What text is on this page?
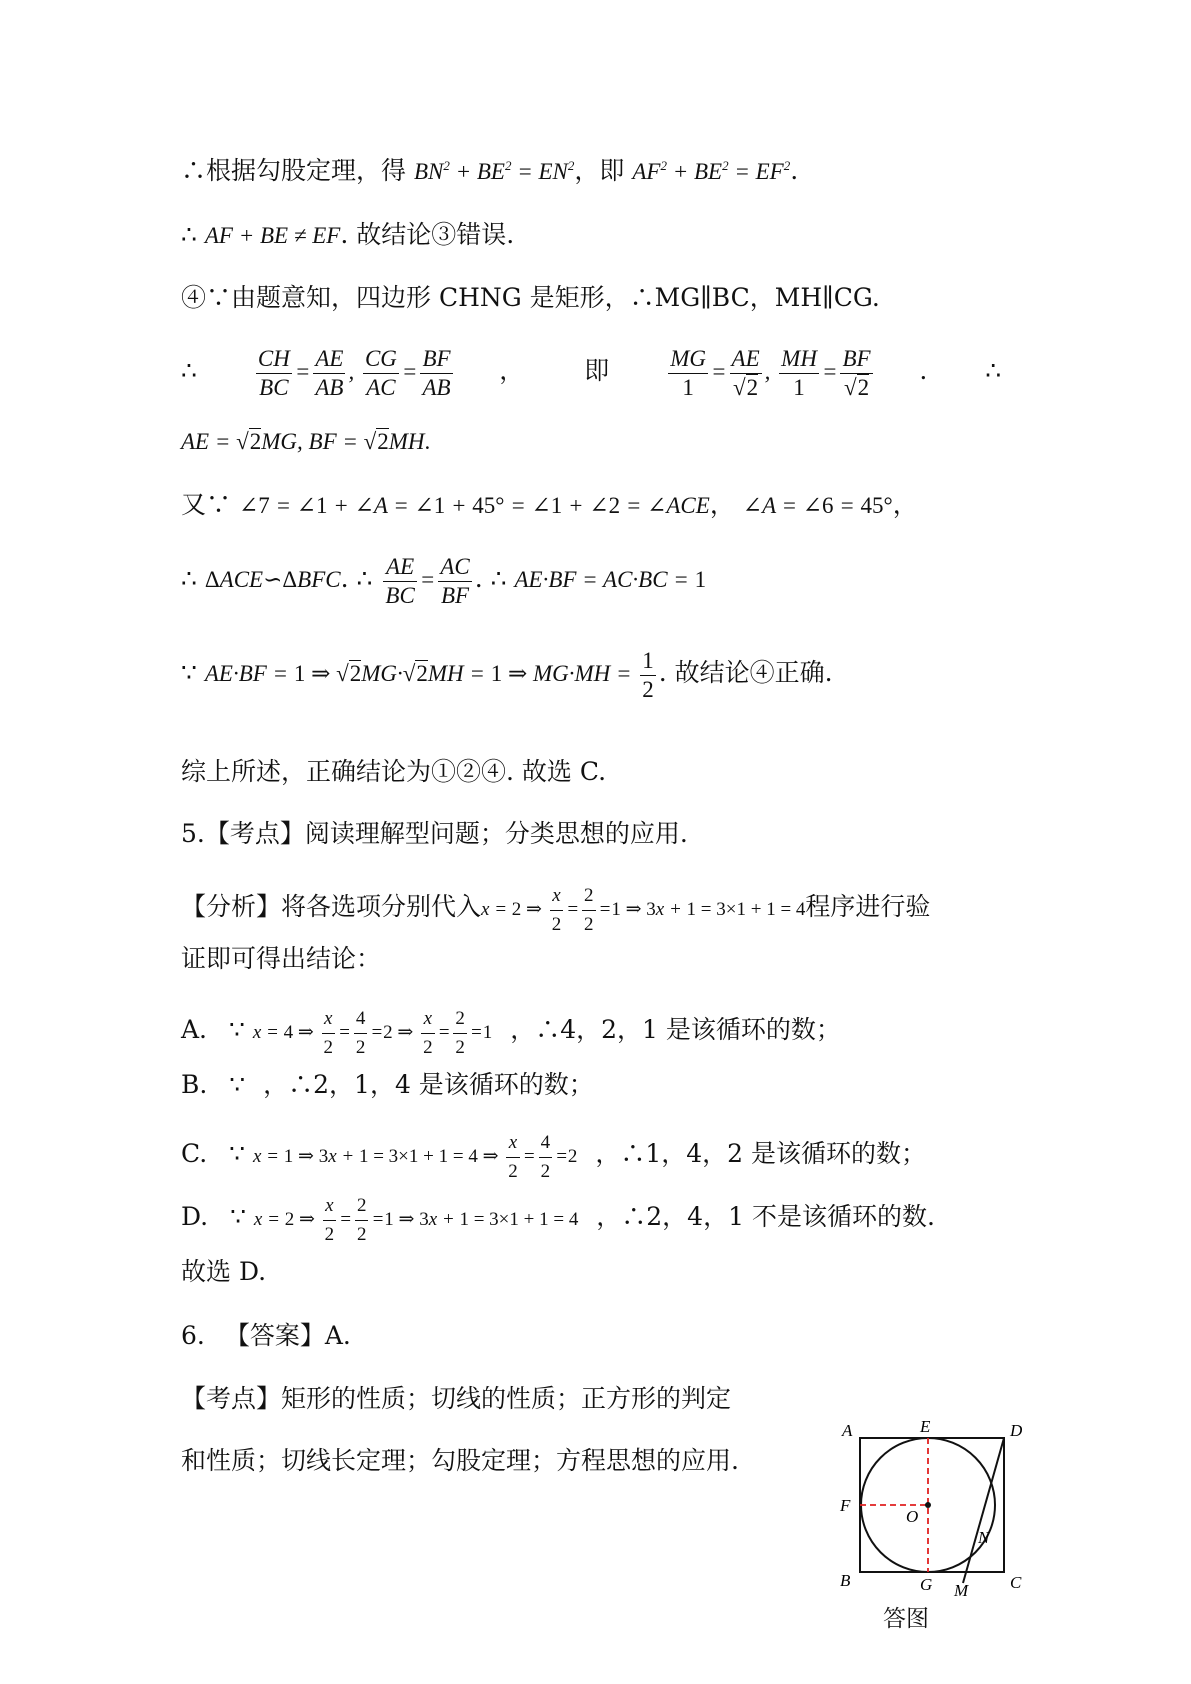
∴根据勾股定理，得 $BN^2 + BE^2 = EN^2$，即 $AF^2 + BE^2 = EF^2$.
∴ AF + BE ≠ EF. 故结论③错误.
④∵由题意知，四边形 CHNG 是矩形，∴MG∥BC，MH∥CG.
∴	$\frac{CH}{BC} = \frac{AE}{AB}$ , $\frac{CG}{AC} = \frac{BF}{AB}$ ， 即	$\frac{MG}{1} = \frac{AE}{√2}$ , $\frac{MH}{1} = \frac{BF}{√2}$ . ∴
AE = √2MG, BF = √2MH.
又∵ ∠7 = ∠1 + ∠A = ∠1 + 45° = ∠1 + ∠2 = ∠ACE， ∠A = ∠6 = 45°，
∴ ΔACE∽ΔBFC. ∴ $\frac{AE}{BC} = \frac{AC}{BF}$ . ∴ AE·BF = AC·BC = 1
∵ AE·BF = 1 ⇒ √2MG·√2MH = 1 ⇒ $MG\cdot MH = \frac{1}{2}$ . 故结论④正确.
综上所述，正确结论为①②④. 故选 C.
5.【考点】阅读理解型问题；分类思想的应用.
【分析】将各选项分别代入x = 2 ⇒ $\frac{x}{2} = \frac{2}{2} =1$ ⇒ 3x + 1 = 3×1 + 1 = 4程序进行验
证即可得出结论：
A. ∵ x = 4 ⇒ $\frac{x}{2} = \frac{4}{2} =2$ ⇒ $\frac{x}{2} = \frac{2}{2} =1$ ，∴4，2，1 是该循环的数；
B. ∵ ，∴2，1，4 是该循环的数；
C. ∵ x = 1 ⇒ 3x + 1 = 3×1 + 1 = 4 ⇒ $\frac{x}{2} = \frac{4}{2} =2$ ，∴1，4，2 是该循环的数；
D. ∵ x = 2 ⇒ $\frac{x}{2} = \frac{2}{2} =1$ ⇒ 3x + 1 = 3×1 + 1 = 4 ，∴2，4，1 不是该循环的数.
故选 D.
6. 【答案】A.
【考点】矩形的性质；切线的性质；正方形的判定
和性质；切线长定理；勾股定理；方程思想的应用.
A	E	D
F
O
N
B	G M C
答图
